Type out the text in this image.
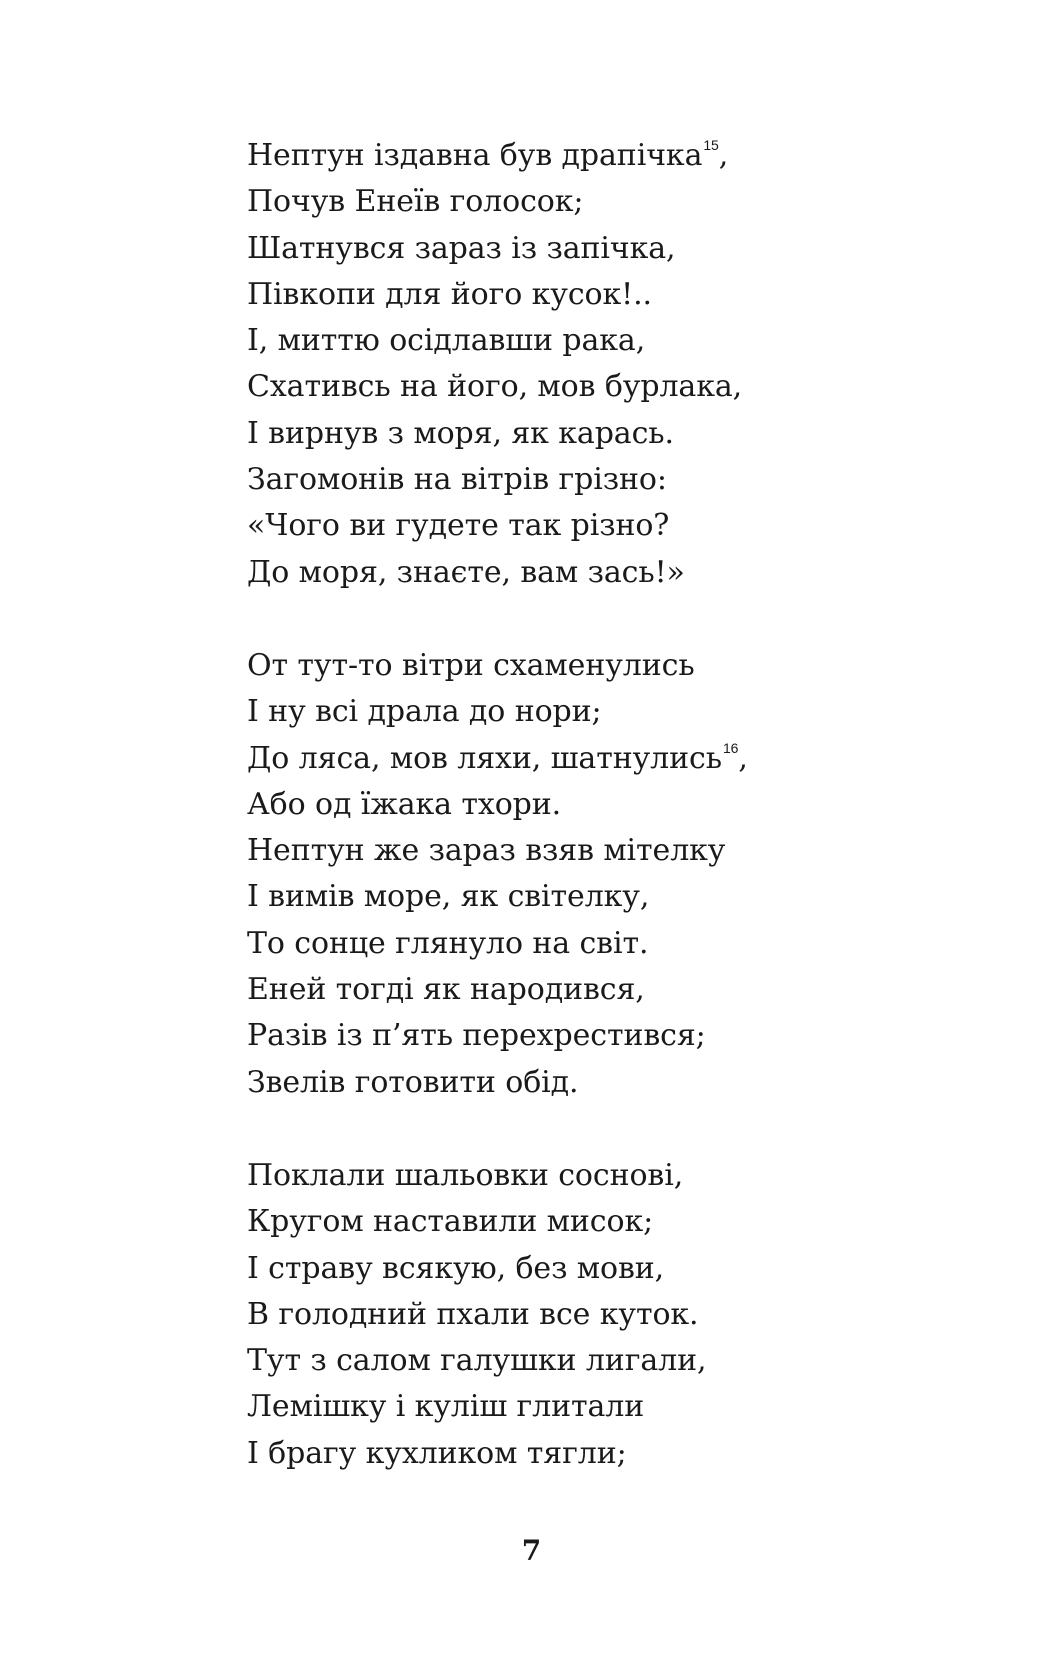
Нептун іздавна був драпічка$^{15}$,
Почув Енеїв голосок;
Шатнувся зараз із запічка,
Півкопи для його кусок!..
І, миттю осідлавши рака,
Схативсь на його, мов бурлака,
І вирнув з моря, як карась.
Загомонів на вітрів грізно:
«Чого ви гудете так різно?
До моря, знаєте, вам зась!»
От тут-то вітри схаменулись
І ну всі драла до нори;
До ляса, мов ляхи, шатнулись$^{16}$,
Або од їжака тхори.
Нептун же зараз взяв мітелку
І вимів море, як світелку,
То сонце глянуло на світ.
Еней тогді як народився,
Разів із п’ять перехрестився;
Звелів готовити обід.
Поклали шальовки соснові,
Кругом наставили мисок;
І страву всякую, без мови,
В голодний пхали все куток.
Тут з салом галушки лигали,
Лемішку і куліш глитали
І брагу кухликом тягли;
7
